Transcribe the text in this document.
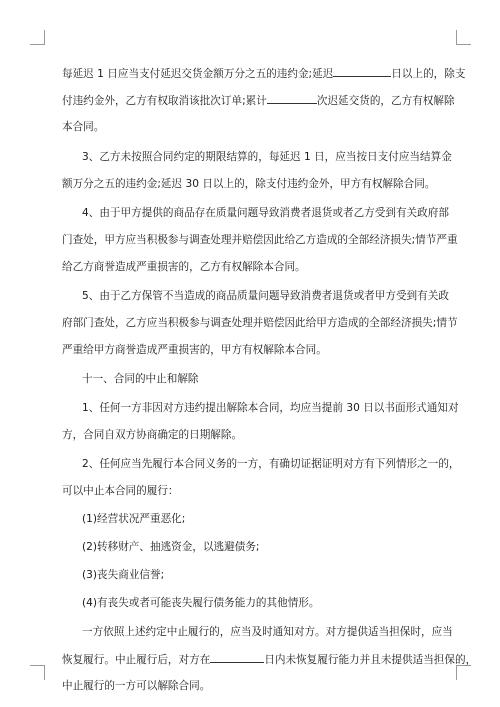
每延迟 1 日应当支付延迟交货金额万分之五的违约金;延迟	日以上的，除支
付违约金外，乙方有权取消该批次订单;累计	次迟延交货的，乙方有权解除
本合同。
3、乙方未按照合同约定的期限结算的，每延迟 1 日，应当按日支付应当结算金
额万分之五的违约金;延迟 30 日以上的，除支付违约金外，甲方有权解除合同。
4、由于甲方提供的商品存在质量问题导致消费者退货或者乙方受到有关政府部
门查处，甲方应当积极参与调查处理并赔偿因此给乙方造成的全部经济损失;情节严重
给乙方商誉造成严重损害的，乙方有权解除本合同。
5、由于乙方保管不当造成的商品质量问题导致消费者退货或者甲方受到有关政
府部门查处，乙方应当积极参与调查处理并赔偿因此给甲方造成的全部经济损失;情节
严重给甲方商誉造成严重损害的，甲方有权解除本合同。
十一、合同的中止和解除
1、任何一方非因对方违约提出解除本合同，均应当提前 30 日以书面形式通知对
方，合同自双方协商确定的日期解除。
2、任何应当先履行本合同义务的一方，有确切证据证明对方有下列情形之一的，
可以中止本合同的履行：
(1)经营状况严重恶化;
(2)转移财产、抽逃资金，以逃避债务;
(3)丧失商业信誉;
(4)有丧失或者可能丧失履行债务能力的其他情形。
一方依照上述约定中止履行的，应当及时通知对方。对方提供适当担保时，应当
恢复履行。中止履行后，对方在	日内未恢复履行能力并且未提供适当担保的，
中止履行的一方可以解除合同。
